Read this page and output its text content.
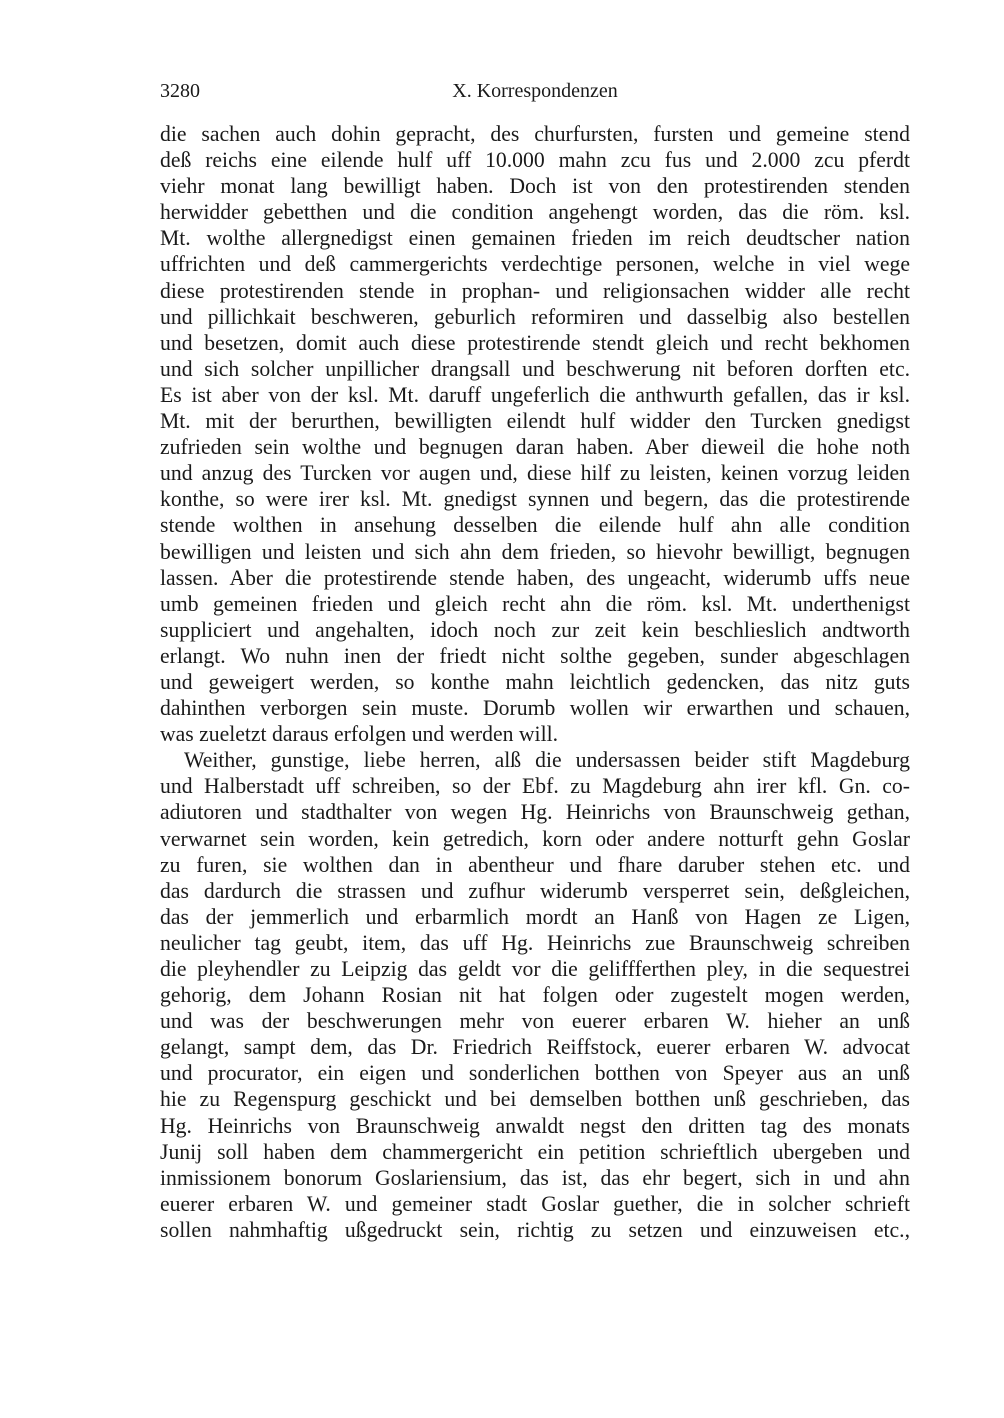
3280	X. Korrespondenzen
die sachen auch dohin gepracht, des churfursten, fursten und gemeine stend
deß reichs eine eilende hulf uff 10.000 mahn zcu fus und 2.000 zcu pferdt
viehr monat lang bewilligt haben. Doch ist von den protestirenden stenden
herwidder gebetthen und die condition angehengt worden, das die röm. ksl.
Mt. wolthe allergnedigst einen gemainen frieden im reich deudtscher nation
uffrichten und deß cammergerichts verdechtige personen, welche in viel wege
diese protestirenden stende in prophan- und religionsachen widder alle recht
und pillichkait beschweren, geburlich reformiren und dasselbig also bestellen
und besetzen, domit auch diese protestirende stendt gleich und recht bekhomen
und sich solcher unpillicher drangsall und beschwerung nit beforen dorften etc.
Es ist aber von der ksl. Mt. daruff ungeferlich die anthwurth gefallen, das ir ksl.
Mt. mit der berurthen, bewilligten eilendt hulf widder den Turcken gnedigst
zufrieden sein wolthe und begnugen daran haben. Aber dieweil die hohe noth
und anzug des Turcken vor augen und, diese hilf zu leisten, keinen vorzug leiden
konthe, so were irer ksl. Mt. gnedigst synnen und begern, das die protestirende
stende wolthen in ansehung desselben die eilende hulf ahn alle condition
bewilligen und leisten und sich ahn dem frieden, so hievohr bewilligt, begnugen
lassen. Aber die protestirende stende haben, des ungeacht, widerumb uffs neue
umb gemeinen frieden und gleich recht ahn die röm. ksl. Mt. underthenigst
suppliciert und angehalten, idoch noch zur zeit kein beschlieslich andtworth
erlangt. Wo nuhn inen der friedt nicht solthe gegeben, sunder abgeschlagen
und geweigert werden, so konthe mahn leichtlich gedencken, das nitz guts
dahinthen verborgen sein muste. Dorumb wollen wir erwarthen und schauen,
was zueletzt daraus erfolgen und werden will.
Weither, gunstige, liebe herren, alß die undersassen beider stift Magdeburg
und Halberstadt uff schreiben, so der Ebf. zu Magdeburg ahn irer kfl. Gn. co-
adiutoren und stadthalter von wegen Hg. Heinrichs von Braunschweig gethan,
verwarnet sein worden, kein getredich, korn oder andere notturft gehn Goslar
zu furen, sie wolthen dan in abentheur und fhare daruber stehen etc. und
das dardurch die strassen und zufhur widerumb versperret sein, deßgleichen,
das der jemmerlich und erbarmlich mordt an Hanß von Hagen ze Ligen,
neulicher tag geubt, item, das uff Hg. Heinrichs zue Braunschweig schreiben
die pleyhendler zu Leipzig das geldt vor die geliffferthen pley, in die sequestrei
gehorig, dem Johann Rosian nit hat folgen oder zugestelt mogen werden,
und was der beschwerungen mehr von euerer erbaren W. hieher an unß
gelangt, sampt dem, das Dr. Friedrich Reiffstock, euerer erbaren W. advocat
und procurator, ein eigen und sonderlichen botthen von Speyer aus an unß
hie zu Regenspurg geschickt und bei demselben botthen unß geschrieben, das
Hg. Heinrichs von Braunschweig anwaldt negst den dritten tag des monats
Junij soll haben dem chammergericht ein petition schrieftlich ubergeben und
inmissionem bonorum Goslariensium, das ist, das ehr begert, sich in und ahn
euerer erbaren W. und gemeiner stadt Goslar guether, die in solcher schrieft
sollen nahmhaftig ußgedruckt sein, richtig zu setzen und einzuweisen etc.,
